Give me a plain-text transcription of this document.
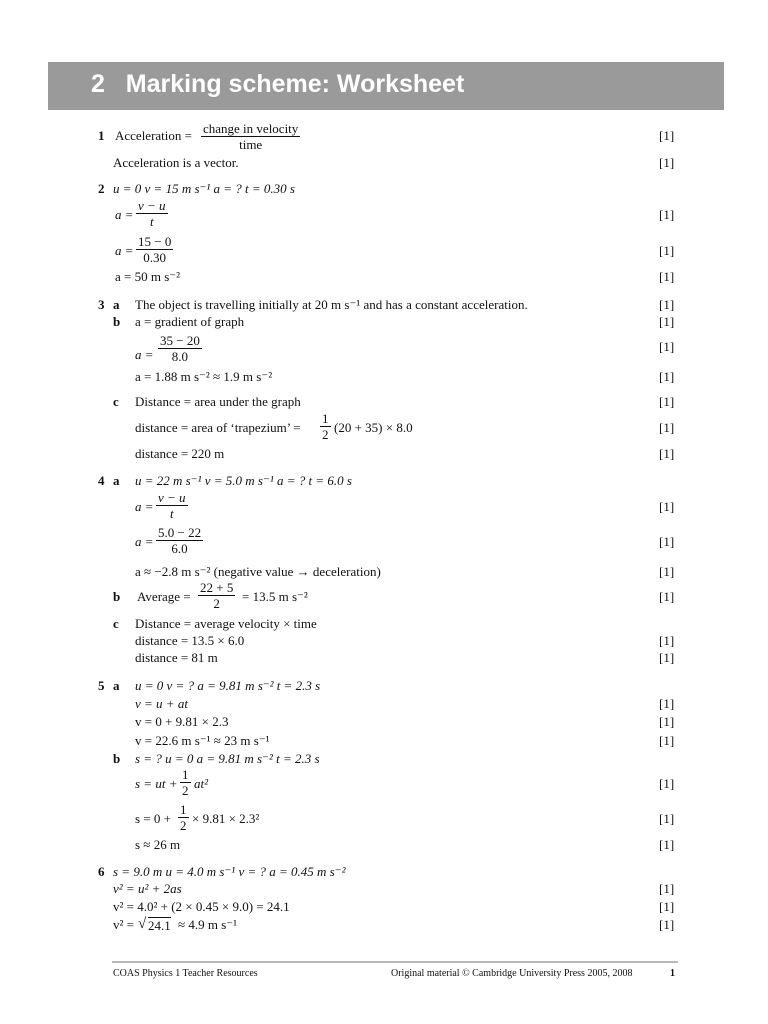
2 Marking scheme: Worksheet
1 Acceleration = change in velocity
time
[1]
Acceleration is a vector.	[1]
2 u = 0 v = 15 m s⁻¹ a = ? t = 0.30 s
a =
v − u
t	[1]
a =
15 − 0
0.30	[1]
a = 50 m s⁻²	[1]
3 a The object is travelling initially at 20 m s⁻¹ and has a constant acceleration.	[1]
b a = gradient of graph	[1]
a =
35 − 20
8.0
[1]
a = 1.88 m s⁻² ≈ 1.9 m s⁻²	[1]
c Distance = area under the graph	[1]
distance = area of ‘trapezium’ =
1
2 (20 + 35) × 8.0	[1]
distance = 220 m	[1]
4 a u = 22 m s⁻¹ v = 5.0 m s⁻¹ a = ? t = 6.0 s
a =
v − u
t	[1]
a =
5.0 − 22
6.0	[1]
a ≈ −2.8 m s⁻² (negative value → deceleration)	[1]
b Average =
22 + 5
2	= 13.5 m s⁻²	[1]
c Distance = average velocity × time
distance = 13.5 × 6.0	[1]
distance = 81 m	[1]
5 a u = 0 v = ? a = 9.81 m s⁻² t = 2.3 s
v = u + at	[1]
v = 0 + 9.81 × 2.3	[1]
v = 22.6 m s⁻¹ ≈ 23 m s⁻¹	[1]
b s = ? u = 0 a = 9.81 m s⁻² t = 2.3 s
s = ut +
1
2 at²	[1]
s = 0 +
1
2 × 9.81 × 2.3²	[1]
s ≈ 26 m	[1]
6 s = 9.0 m u = 4.0 m s⁻¹ v = ? a = 0.45 m s⁻²
v² = u² + 2as	[1]
v² = 4.0² + (2 × 0.45 × 9.0) = 24.1	[1]
v² = √ 24.1 ≈ 4.9 m s⁻¹	[1]
COAS Physics 1 Teacher Resources	Original material © Cambridge University Press 2005, 2008	1
